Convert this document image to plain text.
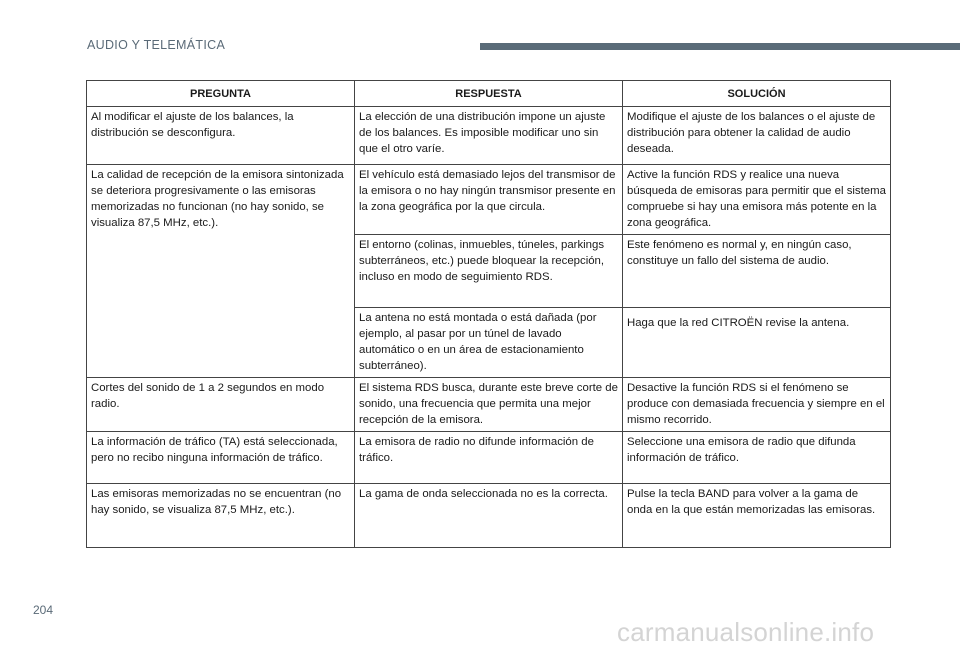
AUDIO Y TELEMÁTICA
PREGUNTA	RESPUESTA	SOLUCIÓN
Al modificar el ajuste de los balances, la distribución se desconfigura.	La elección de una distribución impone un ajuste de los balances. Es imposible modificar uno sin que el otro varíe.	Modifique el ajuste de los balances o el ajuste de distribución para obtener la calidad de audio deseada.
La calidad de recepción de la emisora sintonizada se deteriora progresivamente o las emisoras memorizadas no funcionan (no hay sonido, se visualiza 87,5 MHz, etc.).	El vehículo está demasiado lejos del transmisor de la emisora o no hay ningún transmisor presente en la zona geográfica por la que circula.	Active la función RDS y realice una nueva búsqueda de emisoras para permitir que el sistema compruebe si hay una emisora más potente en la zona geográfica.
	El entorno (colinas, inmuebles, túneles, parkings subterráneos, etc.) puede bloquear la recepción, incluso en modo de seguimiento RDS.	Este fenómeno es normal y, en ningún caso, constituye un fallo del sistema de audio.
	La antena no está montada o está dañada (por ejemplo, al pasar por un túnel de lavado automático o en un área de estacionamiento subterráneo).	Haga que la red CITROËN revise la antena.
Cortes del sonido de 1 a 2 segundos en modo radio.	El sistema RDS busca, durante este breve corte de sonido, una frecuencia que permita una mejor recepción de la emisora.	Desactive la función RDS si el fenómeno se produce con demasiada frecuencia y siempre en el mismo recorrido.
La información de tráfico (TA) está seleccionada, pero no recibo ninguna información de tráfico.	La emisora de radio no difunde información de tráfico.	Seleccione una emisora de radio que difunda información de tráfico.
Las emisoras memorizadas no se encuentran (no hay sonido, se visualiza 87,5 MHz, etc.).	La gama de onda seleccionada no es la correcta.	Pulse la tecla BAND para volver a la gama de onda en la que están memorizadas las emisoras.
204
carmanualsonline.info
